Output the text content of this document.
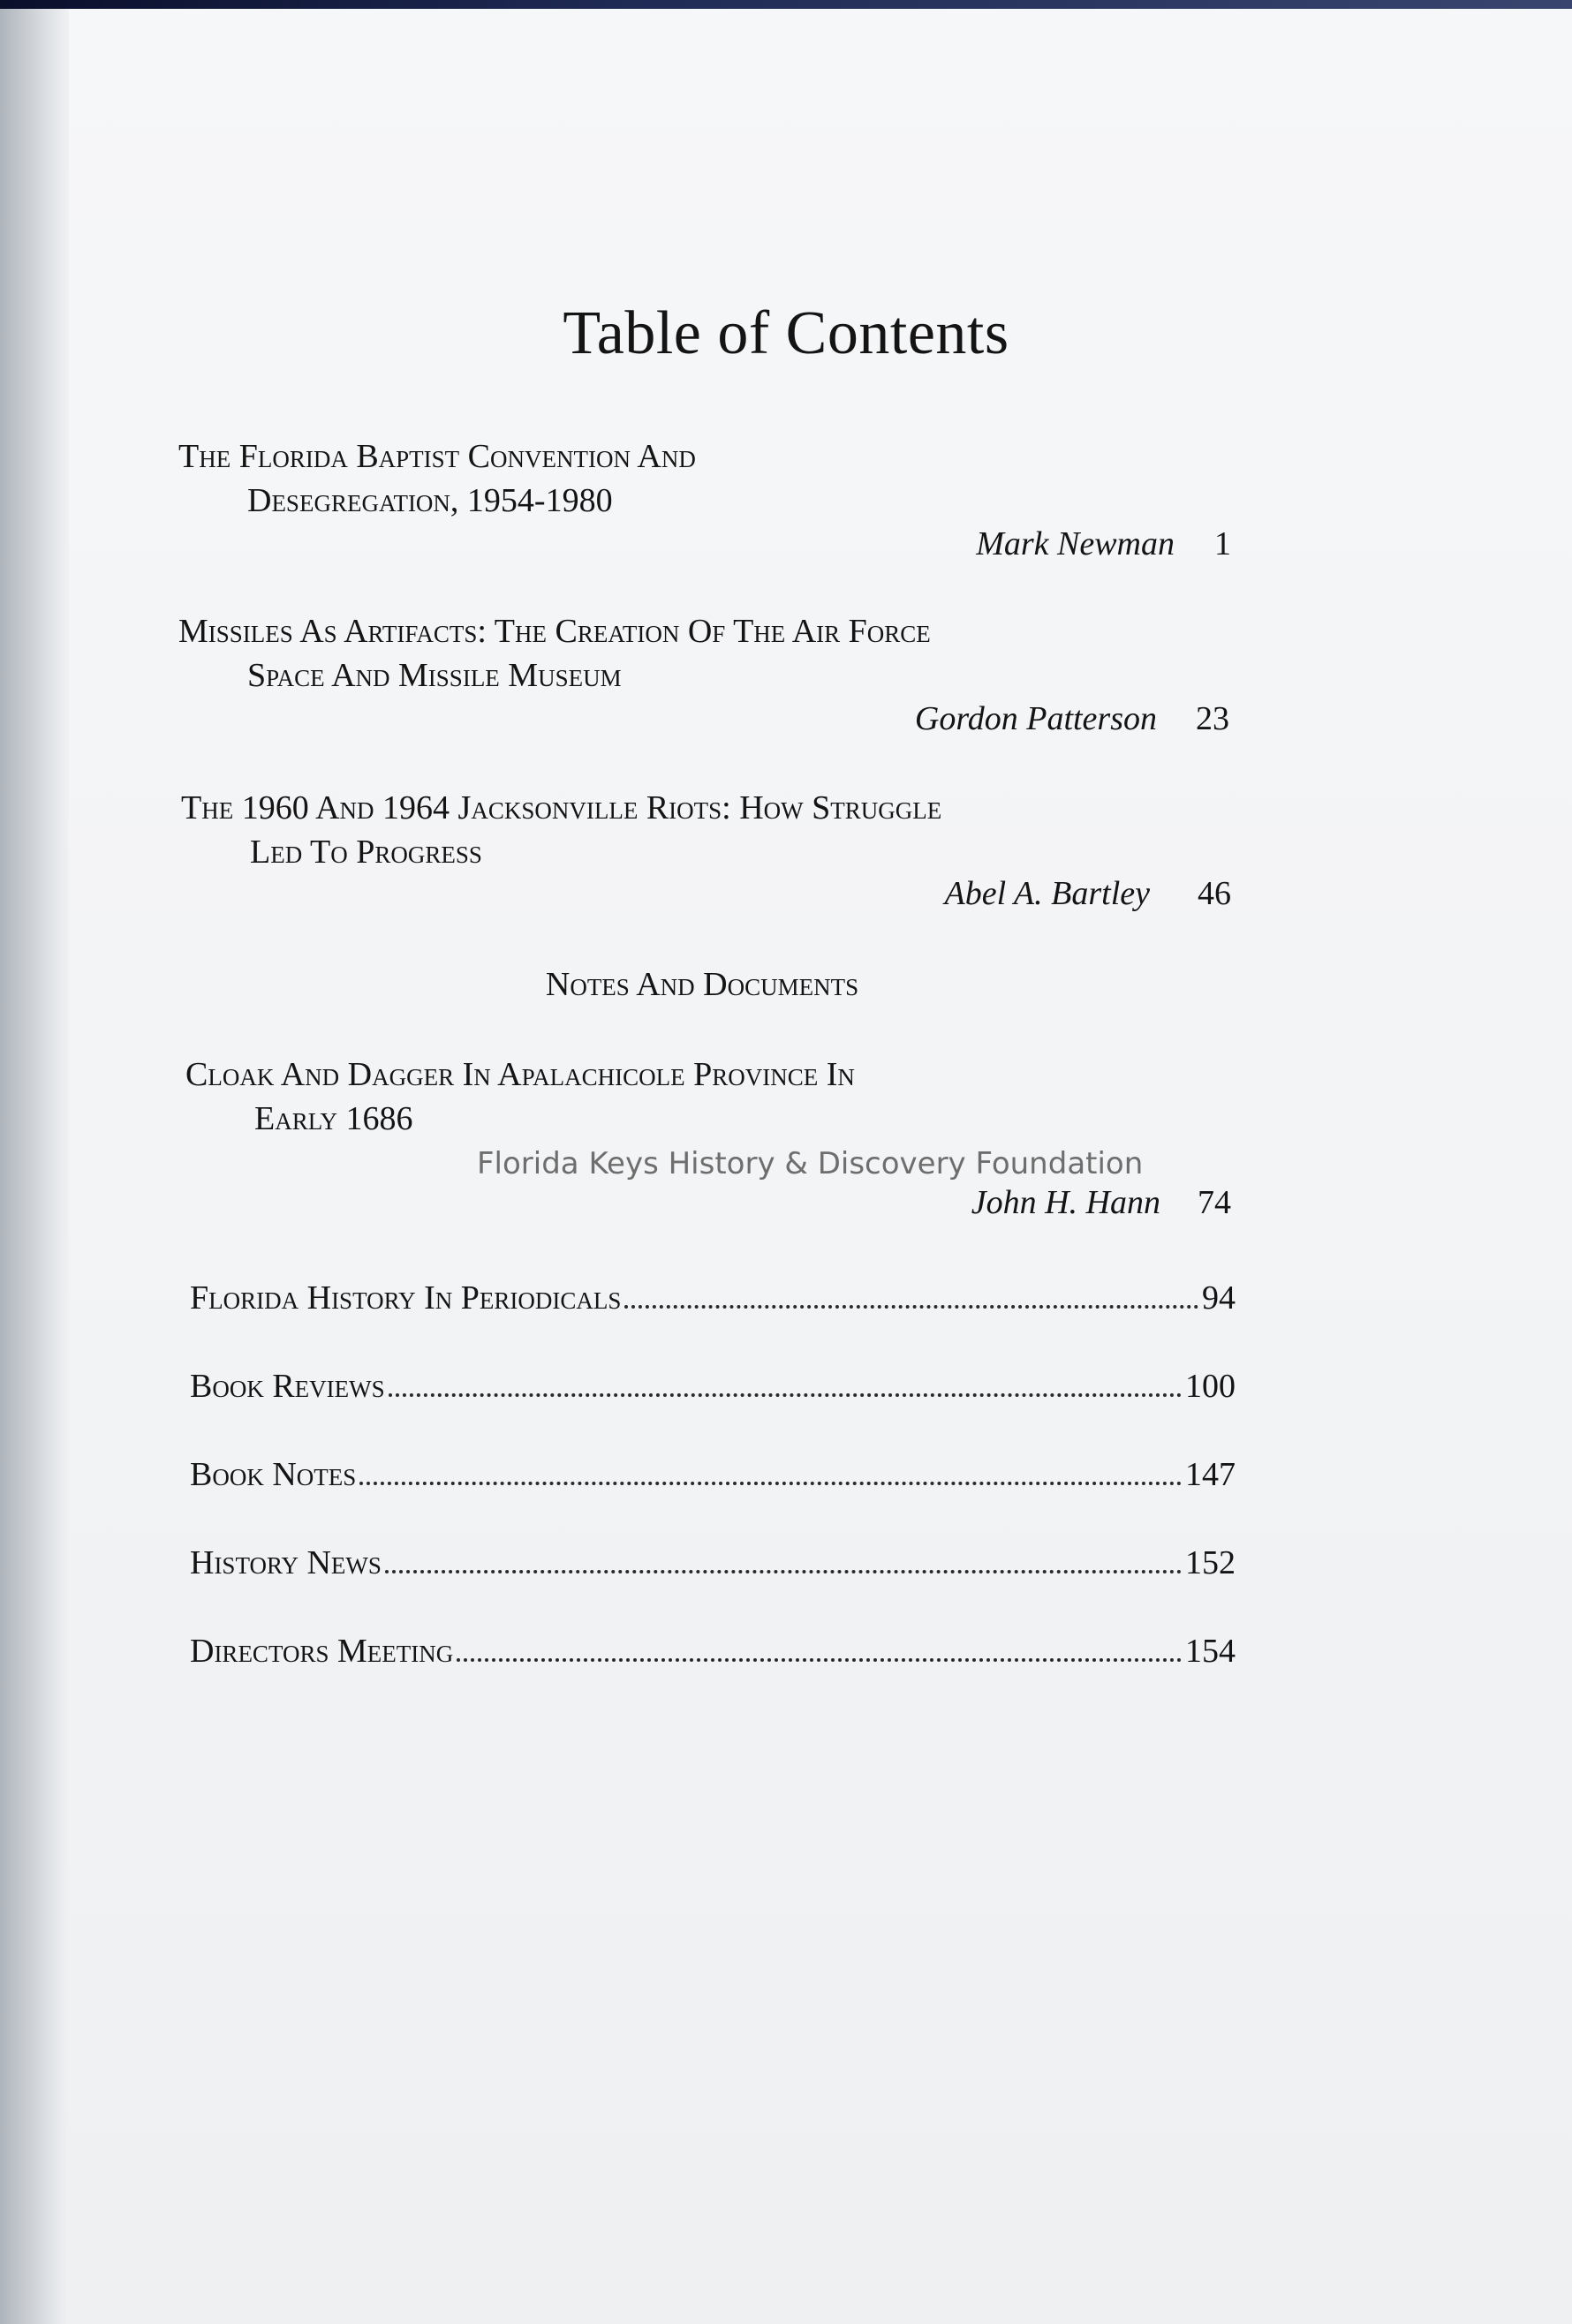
Table of Contents
The Florida Baptist Convention And
Desegregation, 1954-1980
Mark Newman 1
Missiles As Artifacts: The Creation Of The Air Force
Space And Missile Museum
Gordon Patterson 23
The 1960 And 1964 Jacksonville Riots: How Struggle
Led To Progress
Abel A. Bartley 46
Notes And Documents
Cloak And Dagger In Apalachicole Province In
Early 1686
Florida Keys History & Discovery Foundation
John H. Hann 74
Florida History In Periodicals	94
Book Reviews	100
Book Notes	147
History News	152
Directors Meeting	154
